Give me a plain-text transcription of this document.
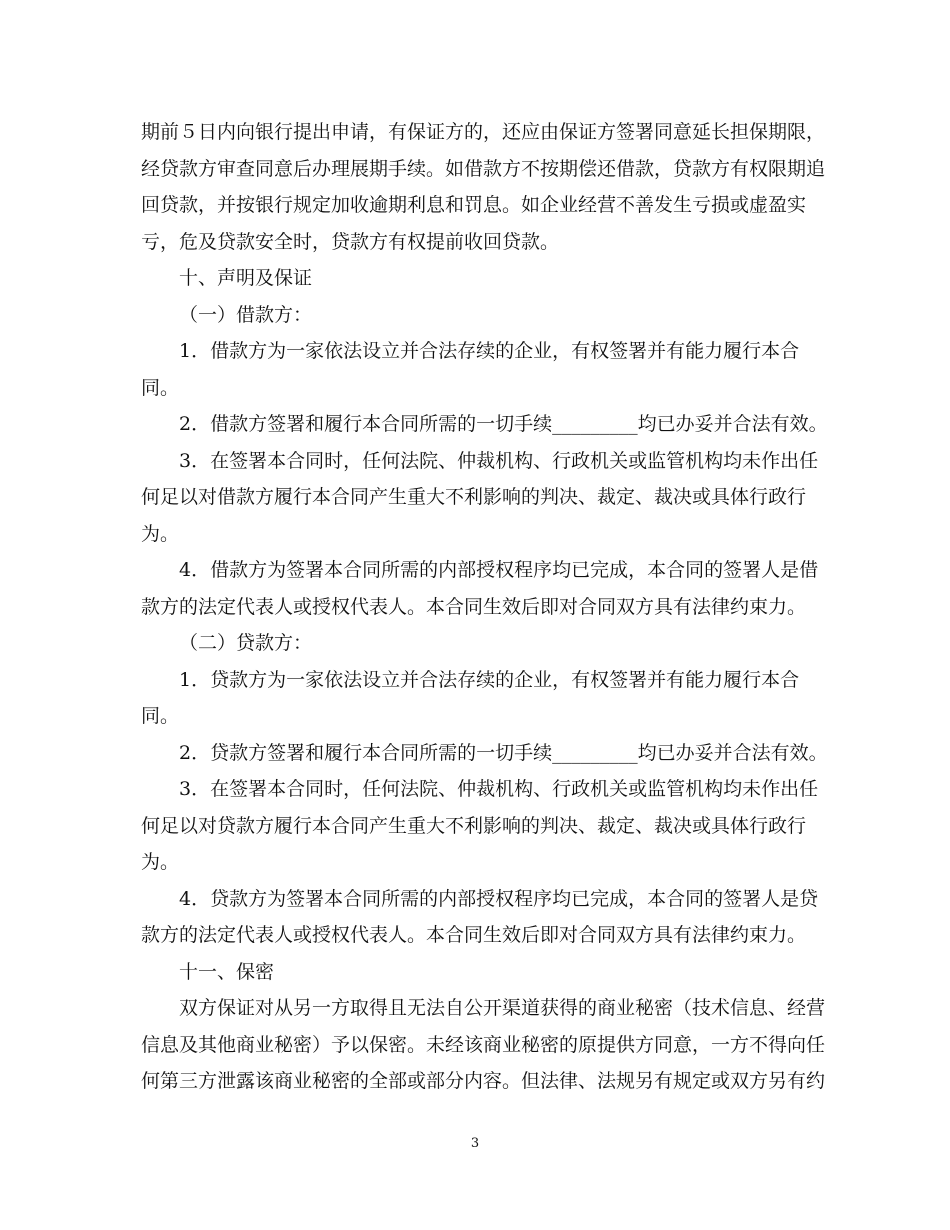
期前５日内向银行提出申请，有保证方的，还应由保证方签署同意延长担保期限，
经贷款方审查同意后办理展期手续。如借款方不按期偿还借款，贷款方有权限期追
回贷款，并按银行规定加收逾期利息和罚息。如企业经营不善发生亏损或虚盈实
亏，危及贷款安全时，贷款方有权提前收回贷款。
十、声明及保证
（一）借款方：
1．借款方为一家依法设立并合法存续的企业，有权签署并有能力履行本合
同。
2．借款方签署和履行本合同所需的一切手续_________均已办妥并合法有效。
3．在签署本合同时，任何法院、仲裁机构、行政机关或监管机构均未作出任
何足以对借款方履行本合同产生重大不利影响的判决、裁定、裁决或具体行政行
为。
4．借款方为签署本合同所需的内部授权程序均已完成，本合同的签署人是借
款方的法定代表人或授权代表人。本合同生效后即对合同双方具有法律约束力。
（二）贷款方：
1．贷款方为一家依法设立并合法存续的企业，有权签署并有能力履行本合
同。
2．贷款方签署和履行本合同所需的一切手续_________均已办妥并合法有效。
3．在签署本合同时，任何法院、仲裁机构、行政机关或监管机构均未作出任
何足以对贷款方履行本合同产生重大不利影响的判决、裁定、裁决或具体行政行
为。
4．贷款方为签署本合同所需的内部授权程序均已完成，本合同的签署人是贷
款方的法定代表人或授权代表人。本合同生效后即对合同双方具有法律约束力。
十一、保密
双方保证对从另一方取得且无法自公开渠道获得的商业秘密（技术信息、经营
信息及其他商业秘密）予以保密。未经该商业秘密的原提供方同意，一方不得向任
何第三方泄露该商业秘密的全部或部分内容。但法律、法规另有规定或双方另有约
3
